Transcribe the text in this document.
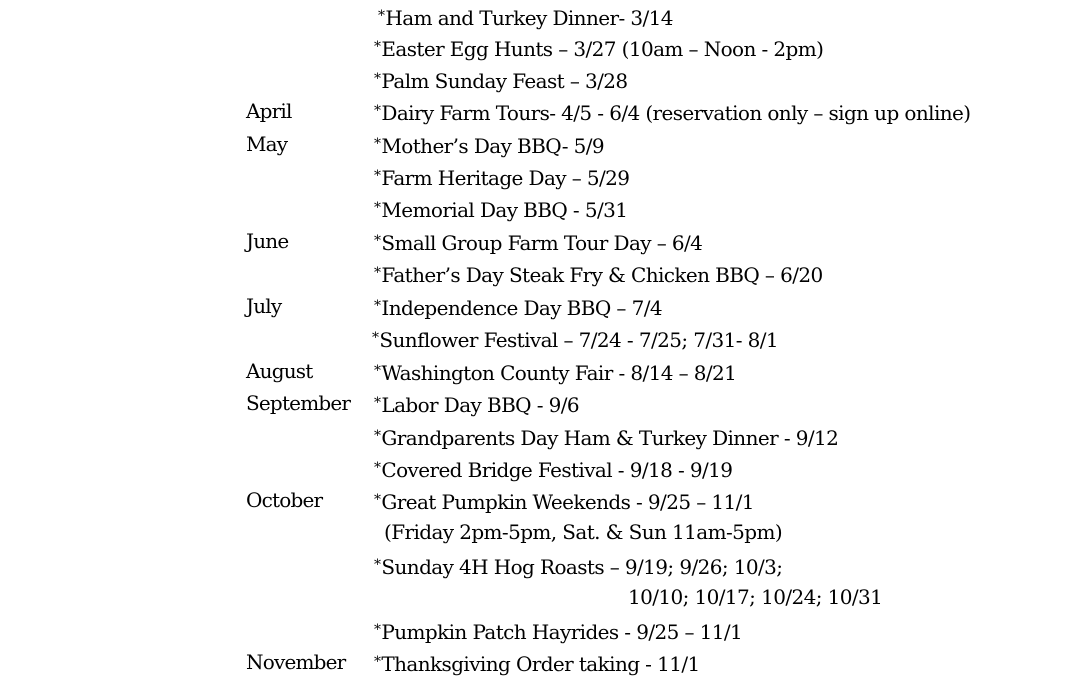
*Ham and Turkey Dinner- 3/14
*Easter Egg Hunts – 3/27 (10am – Noon - 2pm)
*Palm Sunday Feast – 3/28
April	*Dairy Farm Tours- 4/5 - 6/4 (reservation only – sign up online)
May	*Mother’s Day BBQ- 5/9
*Farm Heritage Day – 5/29
*Memorial Day BBQ - 5/31
June	*Small Group Farm Tour Day – 6/4
*Father’s Day Steak Fry & Chicken BBQ – 6/20
July	*Independence Day BBQ – 7/4
*Sunflower Festival – 7/24 - 7/25; 7/31- 8/1
August	*Washington County Fair - 8/14 – 8/21
September *Labor Day BBQ - 9/6
*Grandparents Day Ham & Turkey Dinner - 9/12
*Covered Bridge Festival - 9/18 - 9/19
October	*Great Pumpkin Weekends - 9/25 – 11/1
(Friday 2pm-5pm, Sat. & Sun 11am-5pm)
*Sunday 4H Hog Roasts – 9/19; 9/26; 10/3;
10/10; 10/17; 10/24; 10/31
*Pumpkin Patch Hayrides - 9/25 – 11/1
November *Thanksgiving Order taking - 11/1
